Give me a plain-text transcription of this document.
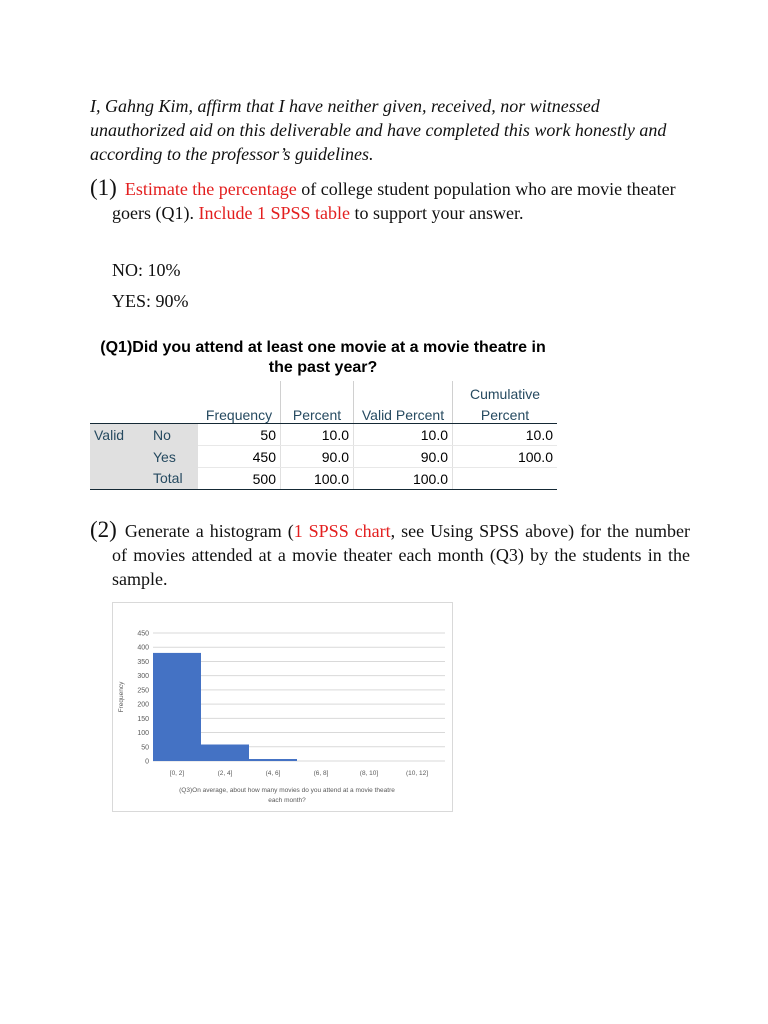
I, Gahng Kim, affirm that I have neither given, received, nor witnessed unauthorized aid on this deliverable and have completed this work honestly and according to the professor’s guidelines.

(1) Estimate the percentage of college student population who are movie theater goers (Q1). Include 1 SPSS table to support your answer.

NO: 10%

YES: 90%

(Q1)Did you attend at least one movie at a movie theatre in the past year?
					Cumulative
		Frequency	Percent	Valid Percent	Percent
Valid	No	50	10.0	10.0	10.0
	Yes	450	90.0	90.0	100.0
	Total	500	100.0	100.0	
(2) Generate a histogram (1 SPSS chart, see Using SPSS above) for the number of movies attended at a movie theater each month (Q3) by the students in the sample.
0
50
100
150
200
250
300
350
400
450
Frequency
[0, 2]	(2, 4]	(4, 6]	(6, 8]	(8, 10]	(10, 12]
(Q3)On average, about how many movies do you attend at a movie theatre
each month?
